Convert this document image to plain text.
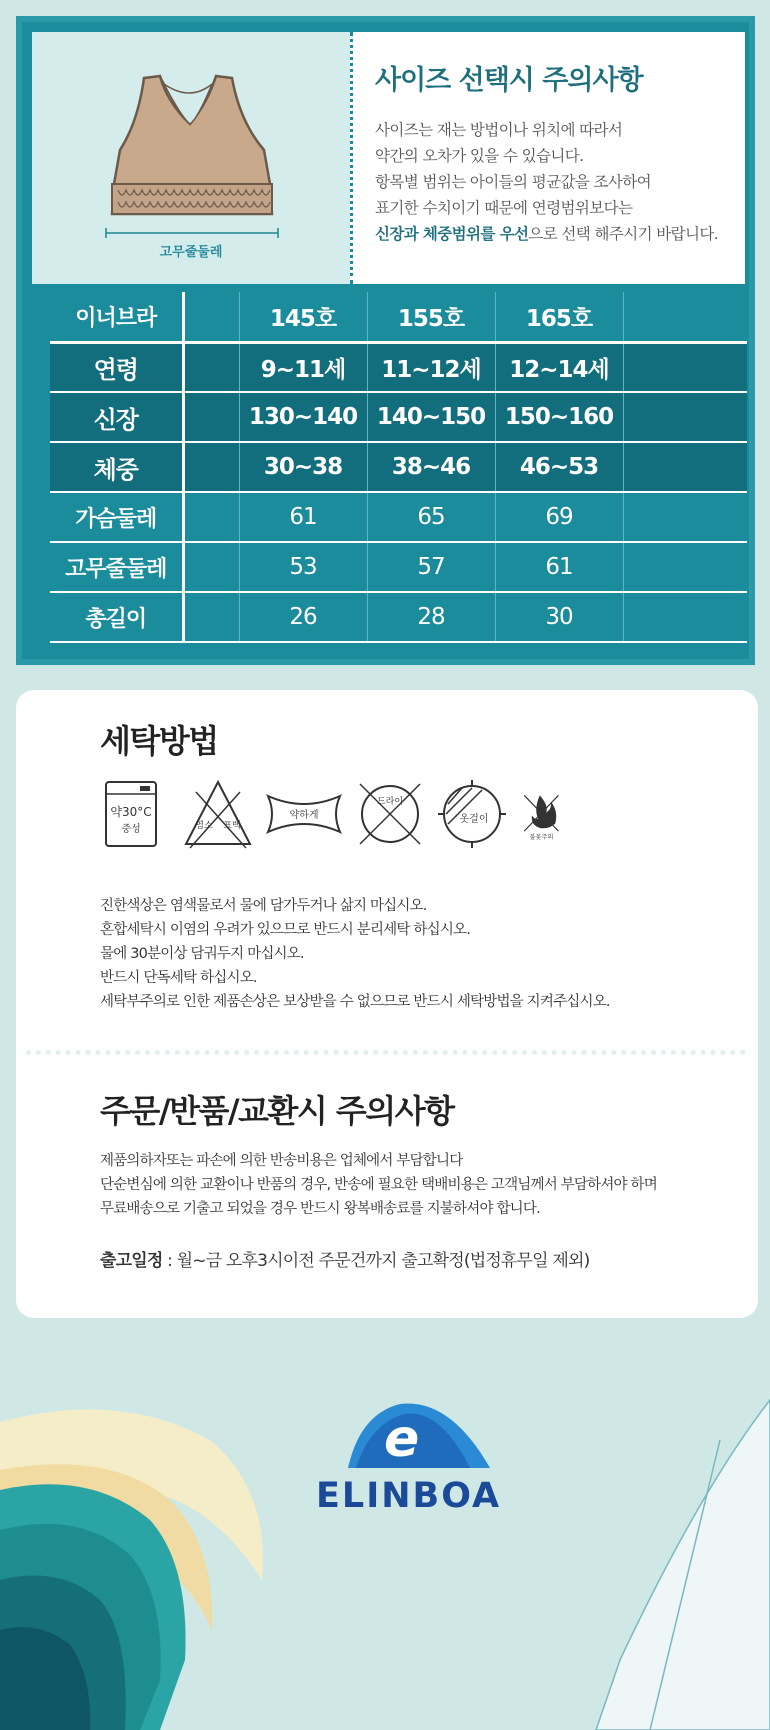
고무줄둘레
사이즈 선택시 주의사항
사이즈는 재는 방법이나 위치에 따라서
약간의 오차가 있을 수 있습니다.
항목별 범위는 아이들의 평균값을 조사하여
표기한 수치이기 때문에 연령범위보다는
신장과 체중범위를 우선으로 선택 해주시기 바랍니다.
이너브라		145호	155호	165호	
연령		9~11세	11~12세	12~14세	
신장		130~140	140~150	150~160	
체중		30~38	38~46	46~53	
가슴둘레		61	65	69	
고무줄둘레		53	57	61	
총길이		26	28	30	
세탁방법
약30°C
중성	염소 표백
약하게
드라이
옷걸이
불꽃주의
진한색상은 염색물로서 물에 담가두거나 삶지 마십시오.
혼합세탁시 이염의 우려가 있으므로 반드시 분리세탁 하십시오.
물에 30분이상 담궈두지 마십시오.
반드시 단독세탁 하십시오.
세탁부주의로 인한 제품손상은 보상받을 수 없으므로 반드시 세탁방법을 지켜주십시오.
주문/반품/교환시 주의사항
제품의하자또는 파손에 의한 반송비용은 업체에서 부담합니다
단순변심에 의한 교환이나 반품의 경우, 반송에 필요한 택배비용은 고객님께서 부담하셔야 하며
무료배송으로 기출고 되었을 경우 반드시 왕복배송료를 지불하셔야 합니다.
출고일정 : 월~금 오후3시이전 주문건까지 출고확정(법정휴무일 제외)
e
ELINBOA
